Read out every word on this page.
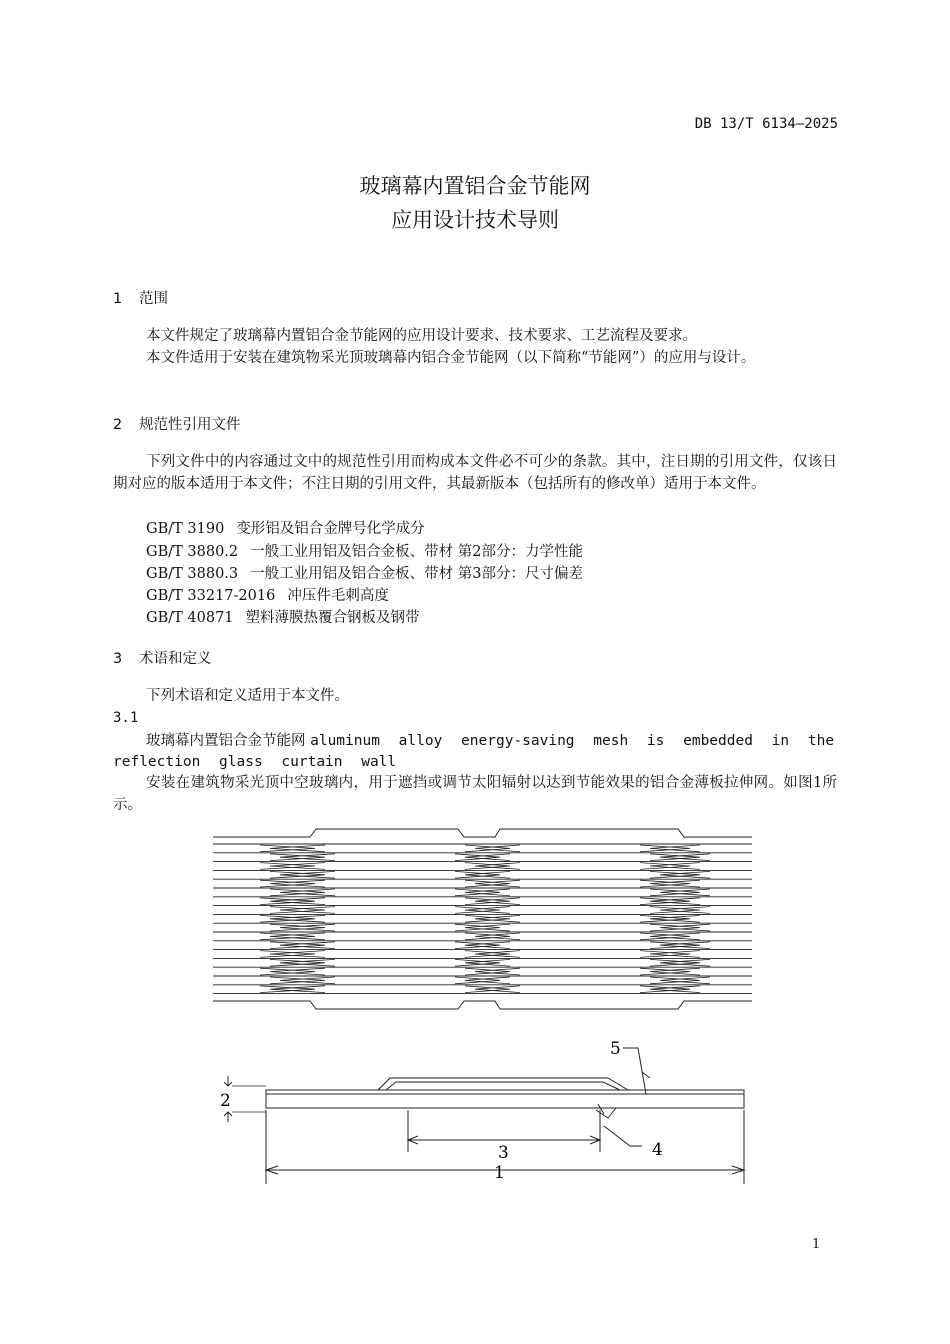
DB 13/T 6134—2025
玻璃幕内置铝合金节能网
应用设计技术导则
1 范围
本文件规定了玻璃幕内置铝合金节能网的应用设计要求、技术要求、工艺流程及要求。
本文件适用于安装在建筑物采光顶玻璃幕内铝合金节能网（以下简称“节能网”）的应用与设计。
2 规范性引用文件
下列文件中的内容通过文中的规范性引用而构成本文件必不可少的条款。其中，注日期的引用文件，仅该日期对应的版本适用于本文件；不注日期的引用文件，其最新版本（包括所有的修改单）适用于本文件。
GB/T 3190 变形铝及铝合金牌号化学成分
GB/T 3880.2 一般工业用铝及铝合金板、带材 第2部分：力学性能
GB/T 3880.3 一般工业用铝及铝合金板、带材 第3部分：尺寸偏差
GB/T 33217-2016 冲压件毛刺高度
GB/T 40871 塑料薄膜热覆合钢板及钢带
3 术语和定义
下列术语和定义适用于本文件。
3.1
玻璃幕内置铝合金节能网 aluminum alloy energy-saving mesh is embedded in the reflection glass curtain wall
安装在建筑物采光顶中空玻璃内，用于遮挡或调节太阳辐射以达到节能效果的铝合金薄板拉伸网。如图1所示。
2
3
1
5
4
1
